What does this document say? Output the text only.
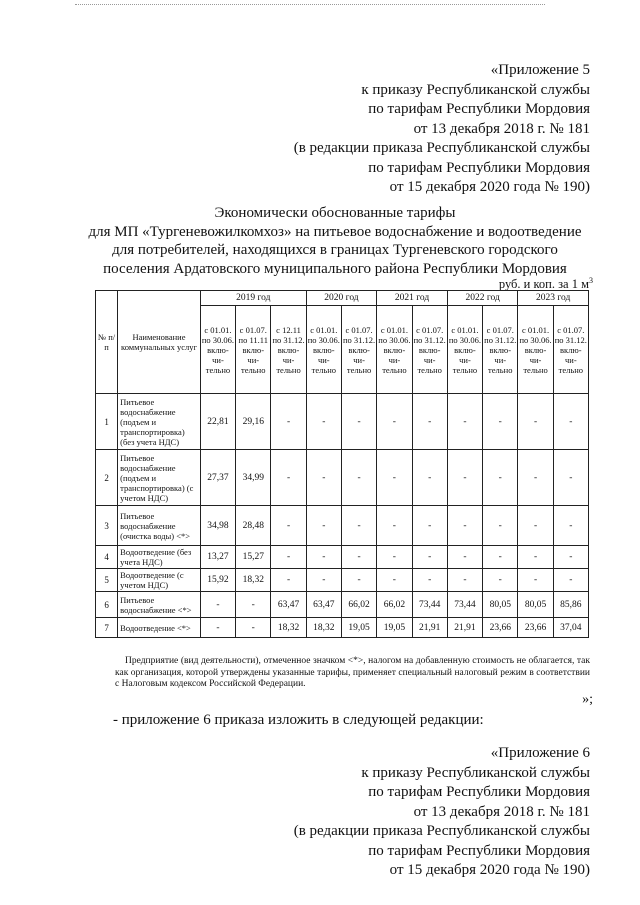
«Приложение 5
к приказу Республиканской службы
по тарифам Республики Мордовия
от 13 декабря 2018 г. № 181
(в редакции приказа Республиканской службы
по тарифам Республики Мордовия
от 15 декабря 2020 года № 190)
Экономически обоснованные тарифы
для МП «Тургеневожилкомхоз» на питьевое водоснабжение и водоотведение
для потребителей, находящихся в границах Тургеневского городского
поселения Ардатовского муниципального района Республики Мордовия
руб. и коп. за 1 $м^3$
№ п/п	Наименование коммунальных услуг	2019 год			2020 год		2021 год		2022 год		2023 год	
		с 01.01. по 30.06. вклю-чи-тельно	с 01.07. по 11.11 вклю-чи-тельно	с 12.11 по 31.12. вклю-чи-тельно	с 01.01. по 30.06. вклю-чи-тельно	с 01.07. по 31.12. вклю-чи-тельно	с 01.01. по 30.06. вклю-чи-тельно	с 01.07. по 31.12. вклю-чи-тельно	с 01.01. по 30.06. вклю-чи-тельно	с 01.07. по 31.12. вклю-чи-тельно	с 01.01. по 30.06. вклю-чи-тельно	с 01.07. по 31.12. вклю-чи-тельно
1	Питьевое водоснабжение (подъем и транспортировка) (без учета НДС)	22,81	29,16	-	-	-	-	-	-	-	-	-
2	Питьевое водоснабжение (подъем и транспортировка) (с учетом НДС)	27,37	34,99	-	-	-	-	-	-	-	-	-
3	Питьевое водоснабжение (очистка воды) <*>	34,98	28,48	-	-	-	-	-	-	-	-	-
4	Водоотведение (без учета НДС)	13,27	15,27	-	-	-	-	-	-	-	-	-
5	Водоотведение (с учетом НДС)	15,92	18,32	-	-	-	-	-	-	-	-	-
6	Питьевое водоснабжение <*>	-	-	63,47	63,47	66,02	66,02	73,44	73,44	80,05	80,05	85,86
7	Водоотведение <*>	-	-	18,32	18,32	19,05	19,05	21,91	21,91	23,66	23,66	37,04
Предприятие (вид деятельности), отмеченное значком <*>, налогом на добавленную стоимость не облагается, так как организация, которой утверждены указанные тарифы, применяет специальный налоговый режим в соответствии с Налоговым кодексом Российской Федерации.
»;
- приложение 6 приказа изложить в следующей редакции:
«Приложение 6
к приказу Республиканской службы
по тарифам Республики Мордовия
от 13 декабря 2018 г. № 181
(в редакции приказа Республиканской службы
по тарифам Республики Мордовия
от 15 декабря 2020 года № 190)
